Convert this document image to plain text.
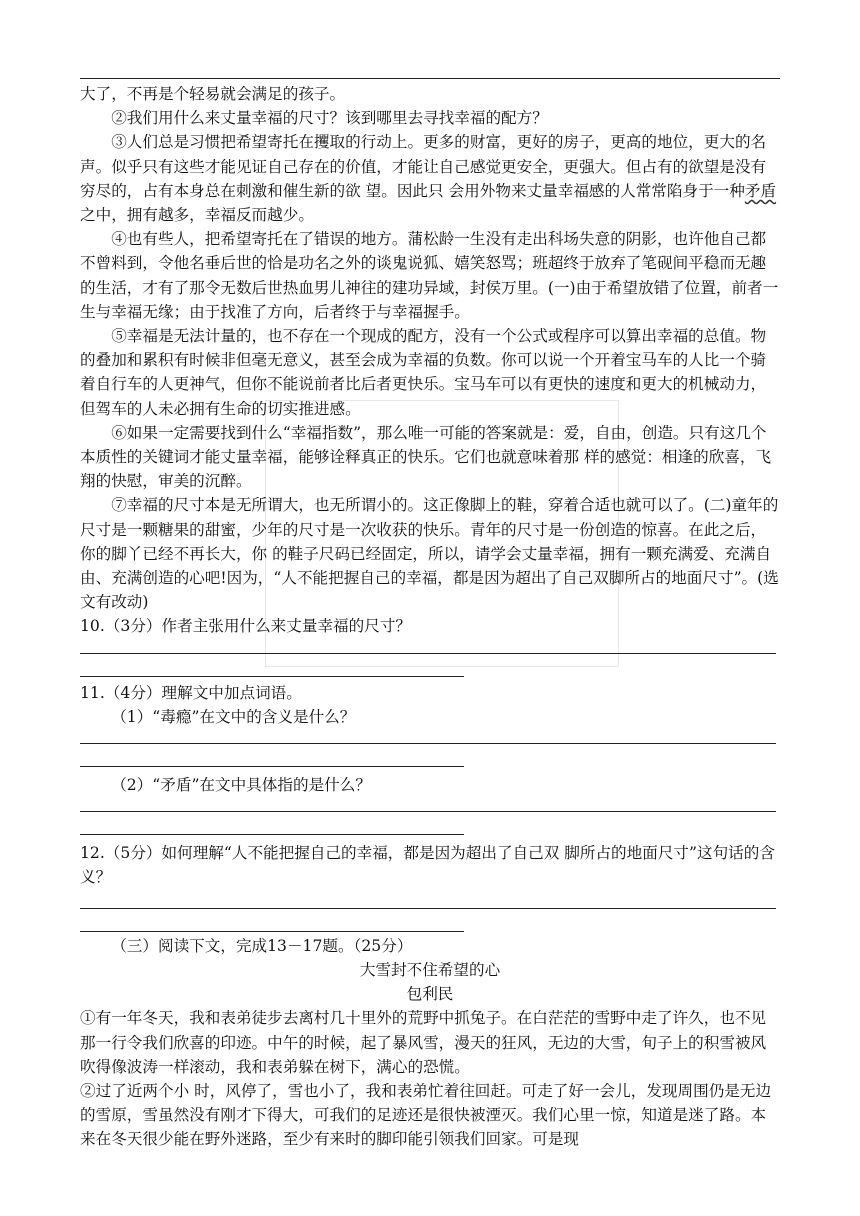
大了，不再是个轻易就会满足的孩子。

②我们用什么来丈量幸福的尺寸？该到哪里去寻找幸福的配方？

③人们总是习惯把希望寄托在攫取的行动上。更多的财富，更好的房子，更高的地位，更大的名声。似乎只有这些才能见证自己存在的价值，才能让自己感觉更安全，更强大。但占有的欲望是没有穷尽的，占有本身总在刺激和催生新的欲 望。因此只 会用外物来丈量幸福感的人常常陷身于一种矛盾之中，拥有越多，幸福反而越少。

④也有些人，把希望寄托在了错误的地方。蒲松龄一生没有走出科场失意的阴影，也许他自己都不曾料到，令他名垂后世的恰是功名之外的谈鬼说狐、嬉笑怒骂；班超终于放弃了笔砚间平稳而无趣的生活，才有了那令无数后世热血男儿神往的建功异域，封侯万里。(一)由于希望放错了位置，前者一生与幸福无缘；由于找准了方向，后者终于与幸福握手。

⑤幸福是无法计量的，也不存在一个现成的配方，没有一个公式或程序可以算出幸福的总值。物的叠加和累积有时候非但毫无意义，甚至会成为幸福的负数。你可以说一个开着宝马车的人比一个骑着自行车的人更神气，但你不能说前者比后者更快乐。宝马车可以有更快的速度和更大的机械动力，但驾车的人未必拥有生命的切实推进感。

⑥如果一定需要找到什么“幸福指数”，那么唯一可能的答案就是：爱，自由，创造。只有这几个本质性的关键词才能丈量幸福，能够诠释真正的快乐。它们也就意味着那 样的感觉：相逢的欣喜，飞翔的快慰，审美的沉醉。

⑦幸福的尺寸本是无所谓大，也无所谓小的。这正像脚上的鞋，穿着合适也就可以了。(二)童年的尺寸是一颗糖果的甜蜜，少年的尺寸是一次收获的快乐。青年的尺寸是一份创造的惊喜。在此之后，你的脚丫已经不再长大，你 的鞋子尺码已经固定，所以，请学会丈量幸福，拥有一颗充满爱、充满自由、充满创造的心吧!因为，“人不能把握自己的幸福，都是因为超出了自己双脚所占的地面尺寸”。(选文有改动)

10.（3分）作者主张用什么来丈量幸福的尺寸？

11.（4分）理解文中加点词语。

（1）“毒瘾”在文中的含义是什么？

（2）“矛盾”在文中具体指的是什么？

12.（5分）如何理解“人不能把握自己的幸福，都是因为超出了自己双 脚所占的地面尺寸”这句话的含义？

（三）阅读下文，完成13－17题。（25分）

大雪封不住希望的心

包利民

①有一年冬天，我和表弟徒步去离村几十里外的荒野中抓兔子。在白茫茫的雪野中走了许久，也不见那一行令我们欣喜的印迹。中午的时候，起了暴风雪，漫天的狂风，无边的大雪，旬子上的积雪被风吹得像波涛一样滚动，我和表弟躲在树下，满心的恐慌。

②过了近两个小 时，风停了，雪也小了，我和表弟忙着往回赶。可走了好一会儿，发现周围仍是无边的雪原，雪虽然没有刚才下得大，可我们的足迹还是很快被湮灭。我们心里一惊，知道是迷了路。本来在冬天很少能在野外迷路，至少有来时的脚印能引领我们回家。可是现
